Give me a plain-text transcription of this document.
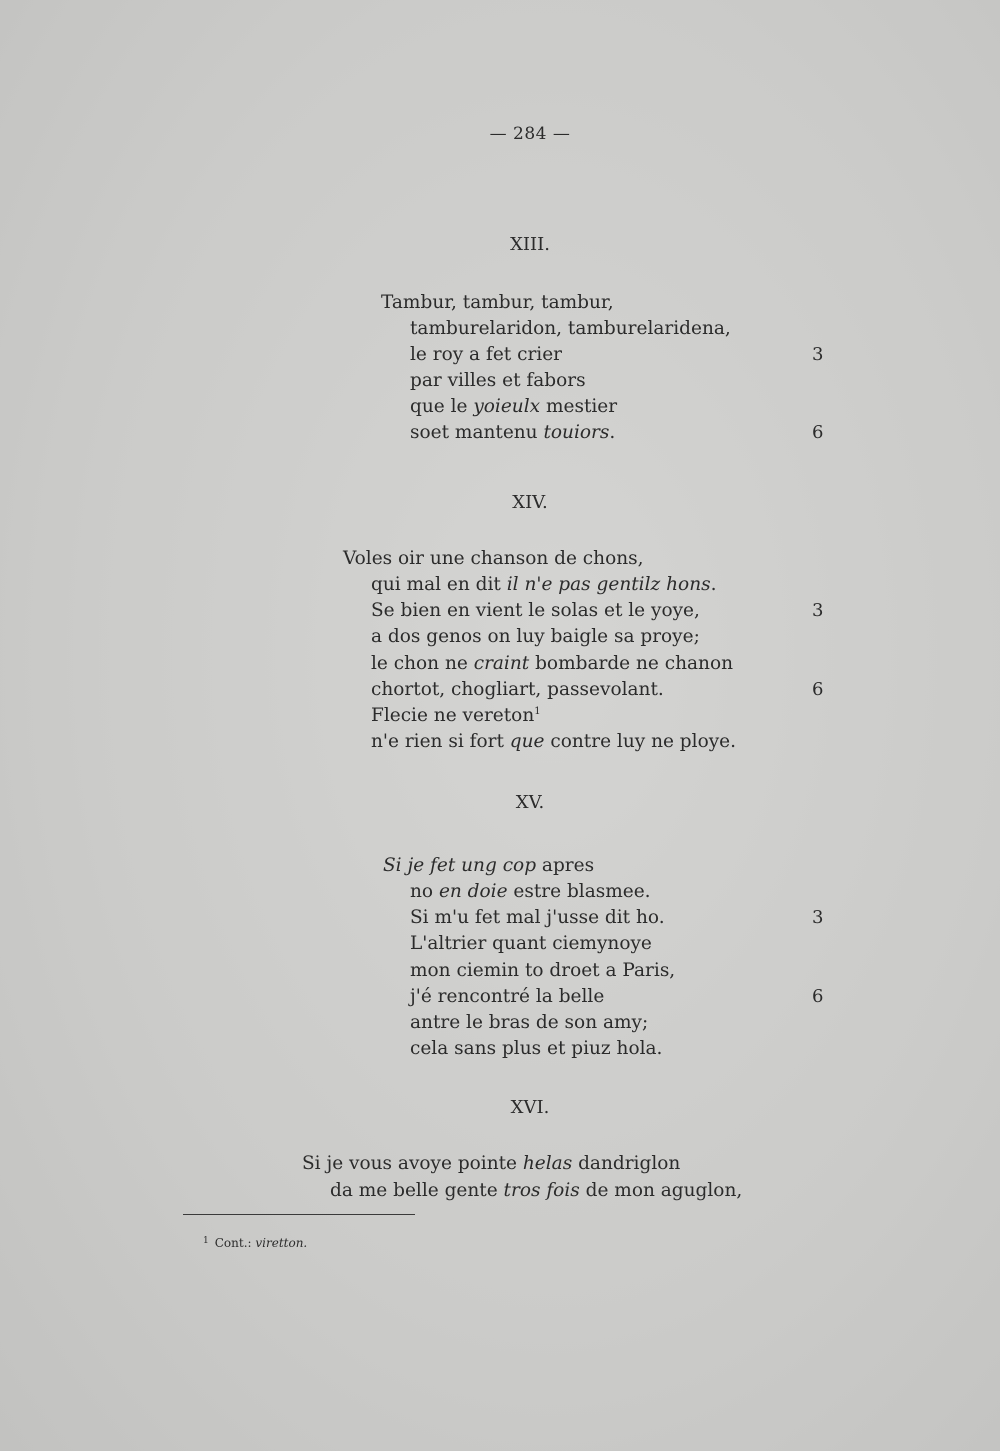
— 284 —
XIII.
Tambur, tambur, tambur,
tamburelaridon, tamburelaridena,
le roy a fet crier	3
par villes et fabors
que le yoieulx mestier
soet mantenu touiors.	6
XIV.
Voles oir une chanson de chons,
qui mal en dit il n'e pas gentilz hons.
Se bien en vient le solas et le yoye,	3
a dos genos on luy baigle sa proye;
le chon ne craint bombarde ne chanon
chortot, chogliart, passevolant.	6
Flecie ne vereton$^1$
n'e rien si fort que contre luy ne ploye.
XV.
Si je fet ung cop apres
no en doie estre blasmee.
Si m'u fet mal j'usse dit ho.	3
L'altrier quant ciemynoye
mon ciemin to droet a Paris,
j'é rencontré la belle	6
antre le bras de son amy;
cela sans plus et piuz hola.
XVI.
Si je vous avoye pointe helas dandriglon
da me belle gente tros fois de mon aguglon,
$^1$ Cont.: viretton.
